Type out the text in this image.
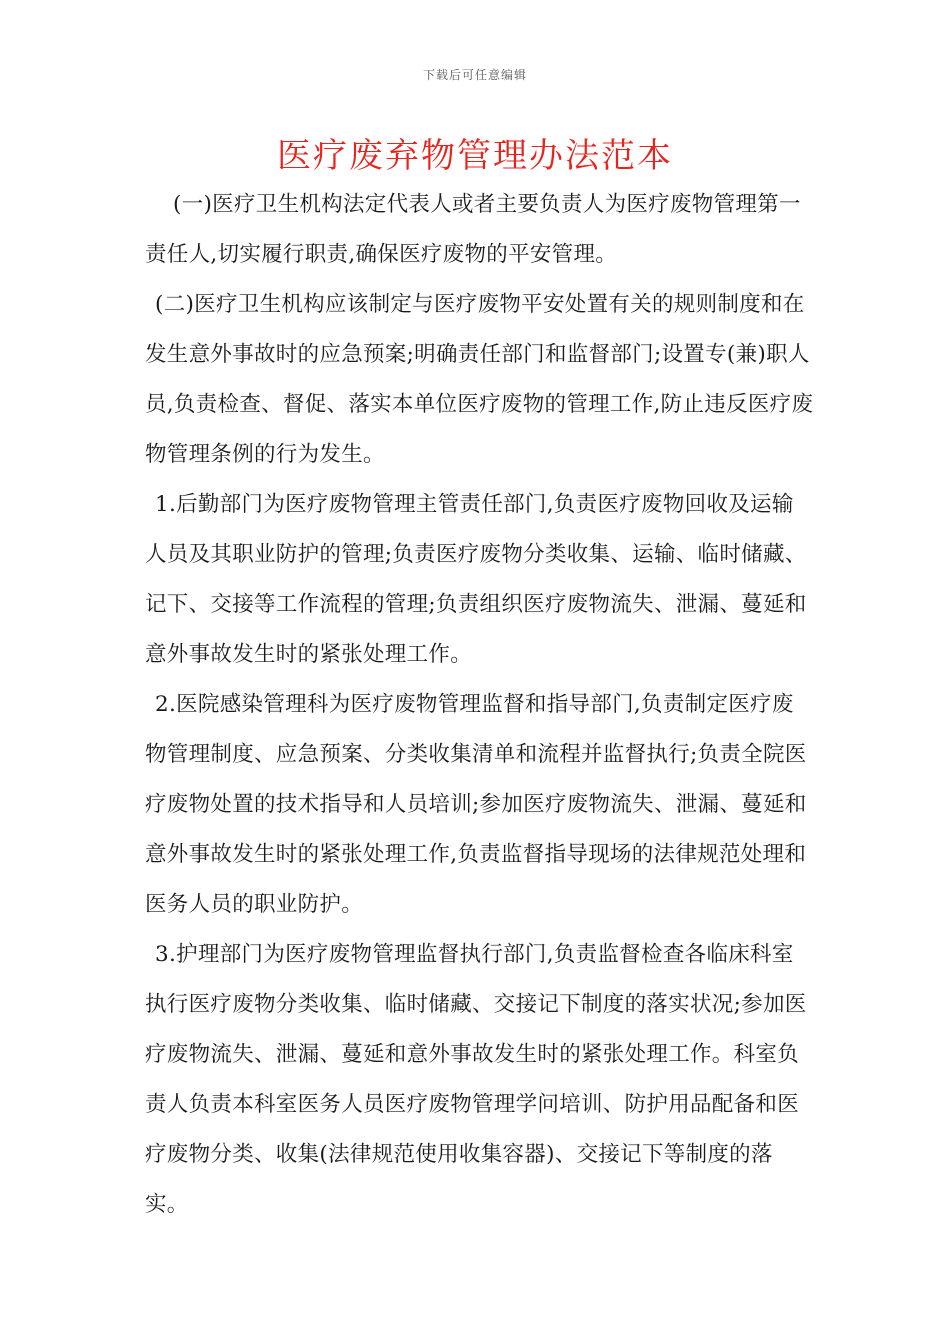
下载后可任意编辑
医疗废弃物管理办法范本

(一)医疗卫生机构法定代表人或者主要负责人为医疗废物管理第一责任人,切实履行职责,确保医疗废物的平安管理。

(二)医疗卫生机构应该制定与医疗废物平安处置有关的规则制度和在发生意外事故时的应急预案;明确责任部门和监督部门;设置专(兼)职人员,负责检查、督促、落实本单位医疗废物的管理工作,防止违反医疗废物管理条例的行为发生。

1.后勤部门为医疗废物管理主管责任部门,负责医疗废物回收及运输人员及其职业防护的管理;负责医疗废物分类收集、运输、临时储藏、记下、交接等工作流程的管理;负责组织医疗废物流失、泄漏、蔓延和意外事故发生时的紧张处理工作。

2.医院感染管理科为医疗废物管理监督和指导部门,负责制定医疗废物管理制度、应急预案、分类收集清单和流程并监督执行;负责全院医疗废物处置的技术指导和人员培训;参加医疗废物流失、泄漏、蔓延和意外事故发生时的紧张处理工作,负责监督指导现场的法律规范处理和医务人员的职业防护。

3.护理部门为医疗废物管理监督执行部门,负责监督检查各临床科室执行医疗废物分类收集、临时储藏、交接记下制度的落实状况;参加医疗废物流失、泄漏、蔓延和意外事故发生时的紧张处理工作。科室负责人负责本科室医务人员医疗废物管理学问培训、防护用品配备和医疗废物分类、收集(法律规范使用收集容器)、交接记下等制度的落实。
